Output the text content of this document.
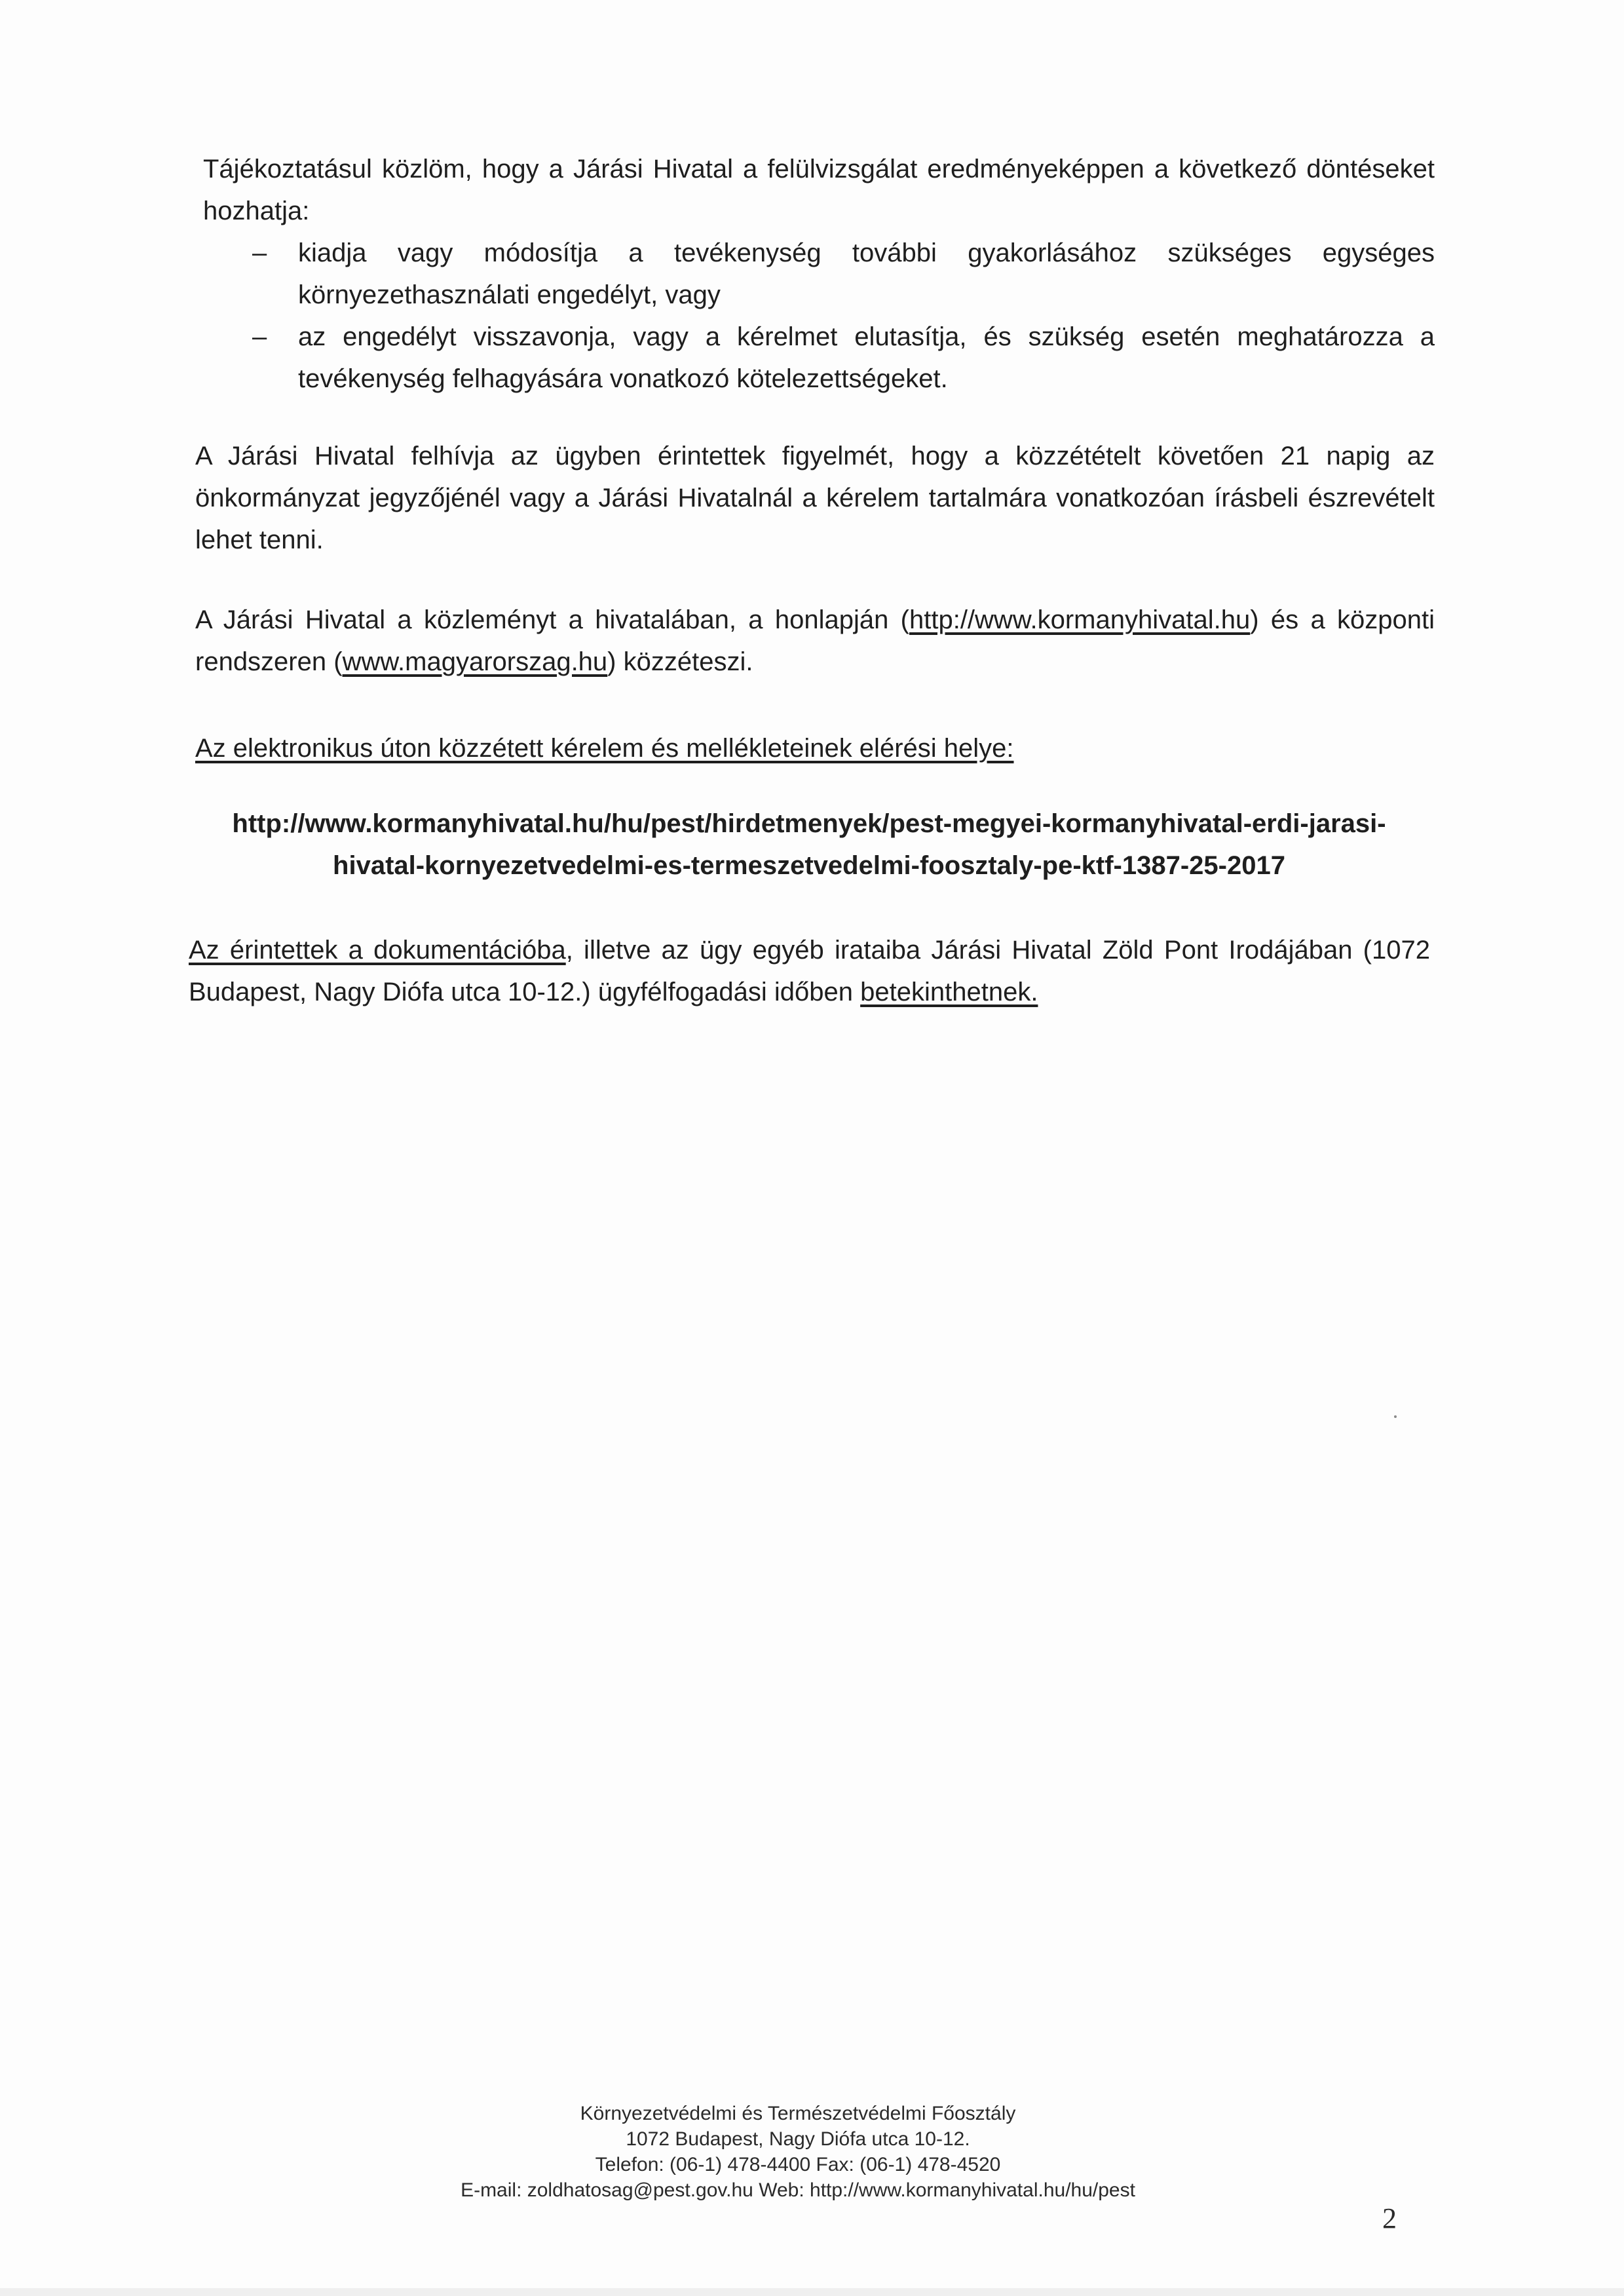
Tájékoztatásul közlöm, hogy a Járási Hivatal a felülvizsgálat eredményeképpen a következő döntéseket hozhatja:
– kiadja vagy módosítja a tevékenység további gyakorlásához szükséges egységes környezethasználati engedélyt, vagy
– az engedélyt visszavonja, vagy a kérelmet elutasítja, és szükség esetén meghatározza a tevékenység felhagyására vonatkozó kötelezettségeket.
A Járási Hivatal felhívja az ügyben érintettek figyelmét, hogy a közzétételt követően 21 napig az önkormányzat jegyzőjénél vagy a Járási Hivatalnál a kérelem tartalmára vonatkozóan írásbeli észrevételt lehet tenni.
A Járási Hivatal a közleményt a hivatalában, a honlapján (http://www.kormanyhivatal.hu) és a központi rendszeren (www.magyarorszag.hu) közzéteszi.
Az elektronikus úton közzétett kérelem és mellékleteinek elérési helye:
http://www.kormanyhivatal.hu/hu/pest/hirdetmenyek/pest-megyei-kormanyhivatal-erdi-jarasi-
hivatal-kornyezetvedelmi-es-termeszetvedelmi-foosztaly-pe-ktf-1387-25-2017
Az érintettek a dokumentációba, illetve az ügy egyéb irataiba Járási Hivatal Zöld Pont Irodájában (1072 Budapest, Nagy Diófa utca 10-12.) ügyfélfogadási időben betekinthetnek.
Környezetvédelmi és Természetvédelmi Főosztály
1072 Budapest, Nagy Diófa utca 10-12.
Telefon: (06-1) 478-4400 Fax: (06-1) 478-4520
E-mail: zoldhatosag@pest.gov.hu Web: http://www.kormanyhivatal.hu/hu/pest
2
